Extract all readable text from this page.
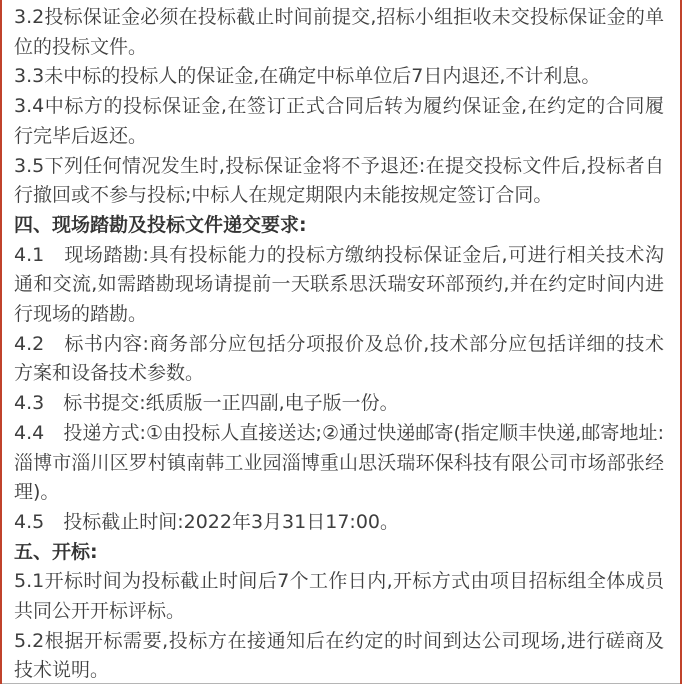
3.2投标保证金必须在投标截止时间前提交,招标小组拒收未交投标保证金的单位的投标文件。

3.3未中标的投标人的保证金,在确定中标单位后7日内退还,不计利息。

3.4中标方的投标保证金,在签订正式合同后转为履约保证金,在约定的合同履行完毕后返还。

3.5下列任何情况发生时,投标保证金将不予退还:在提交投标文件后,投标者自行撤回或不参与投标;中标人在规定期限内未能按规定签订合同。

四、现场踏勘及投标文件递交要求:

4.1　现场踏勘:具有投标能力的投标方缴纳投标保证金后,可进行相关技术沟通和交流,如需踏勘现场请提前一天联系思沃瑞安环部预约,并在约定时间内进行现场的踏勘。

4.2　标书内容:商务部分应包括分项报价及总价,技术部分应包括详细的技术方案和设备技术参数。

4.3　标书提交:纸质版一正四副,电子版一份。

4.4　投递方式:①由投标人直接送达;②通过快递邮寄(指定顺丰快递,邮寄地址:淄博市淄川区罗村镇南韩工业园淄博重山思沃瑞环保科技有限公司市场部张经理)。

4.5　投标截止时间:2022年3月31日17:00。

五、开标:

5.1开标时间为投标截止时间后7个工作日内,开标方式由项目招标组全体成员共同公开开标评标。

5.2根据开标需要,投标方在接通知后在约定的时间到达公司现场,进行磋商及技术说明。
